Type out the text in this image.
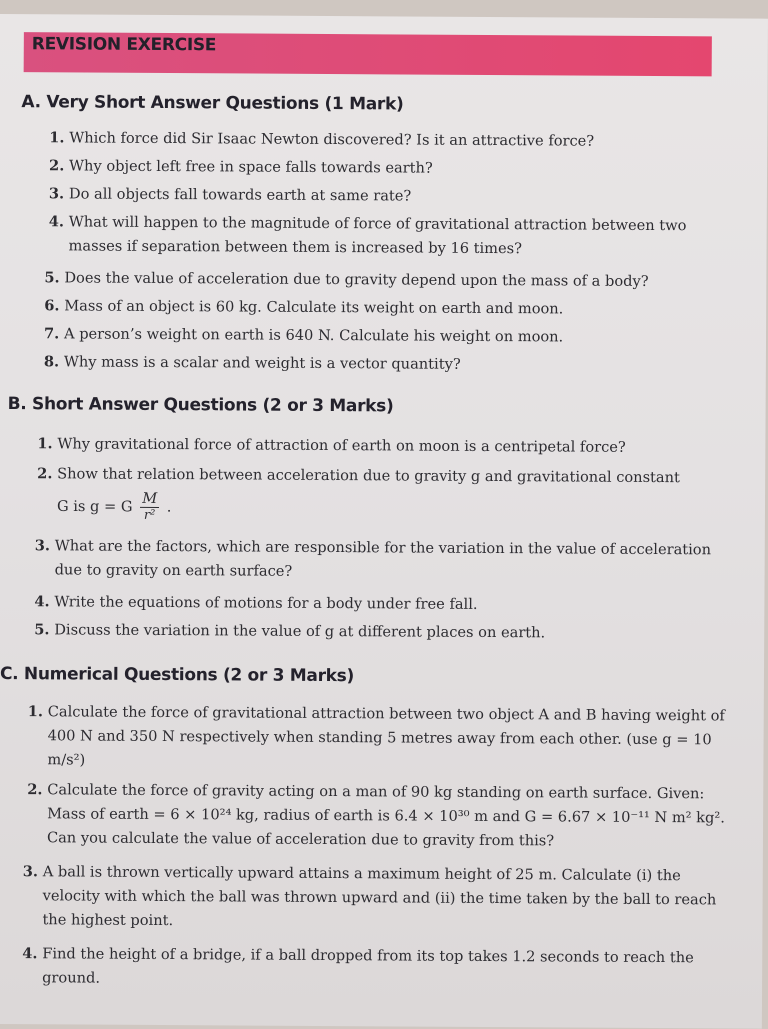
REVISION EXERCISE
A. Very Short Answer Questions (1 Mark)
1. Which force did Sir Isaac Newton discovered? Is it an attractive force?
2. Why object left free in space falls towards earth?
3. Do all objects fall towards earth at same rate?
4. What will happen to the magnitude of force of gravitational attraction between two masses if separation between them is increased by 16 times?
5. Does the value of acceleration due to gravity depend upon the mass of a body?
6. Mass of an object is 60 kg. Calculate its weight on earth and moon.
7. A person’s weight on earth is 640 N. Calculate his weight on moon.
8. Why mass is a scalar and weight is a vector quantity?
B. Short Answer Questions (2 or 3 Marks)
1. Why gravitational force of attraction of earth on moon is a centripetal force?
2. Show that relation between acceleration due to gravity g and gravitational constant
G is g = G $\frac{M}{\text{r²}}$ .
3. What are the factors, which are responsible for the variation in the value of acceleration due to gravity on earth surface?
4. Write the equations of motions for a body under free fall.
5. Discuss the variation in the value of g at different places on earth.
C. Numerical Questions (2 or 3 Marks)
1. Calculate the force of gravitational attraction between two object A and B having weight of 400 N and 350 N respectively when standing 5 metres away from each other. (use g = 10 m/s²)
2. Calculate the force of gravity acting on a man of 90 kg standing on earth surface. Given: Mass of earth = 6 × 10²⁴ kg, radius of earth is 6.4 × 10³⁰ m and G = 6.67 × 10⁻¹¹ N m² kg². Can you calculate the value of acceleration due to gravity from this?
3. A ball is thrown vertically upward attains a maximum height of 25 m. Calculate (i) the velocity with which the ball was thrown upward and (ii) the time taken by the ball to reach the highest point.
4. Find the height of a bridge, if a ball dropped from its top takes 1.2 seconds to reach the ground.
